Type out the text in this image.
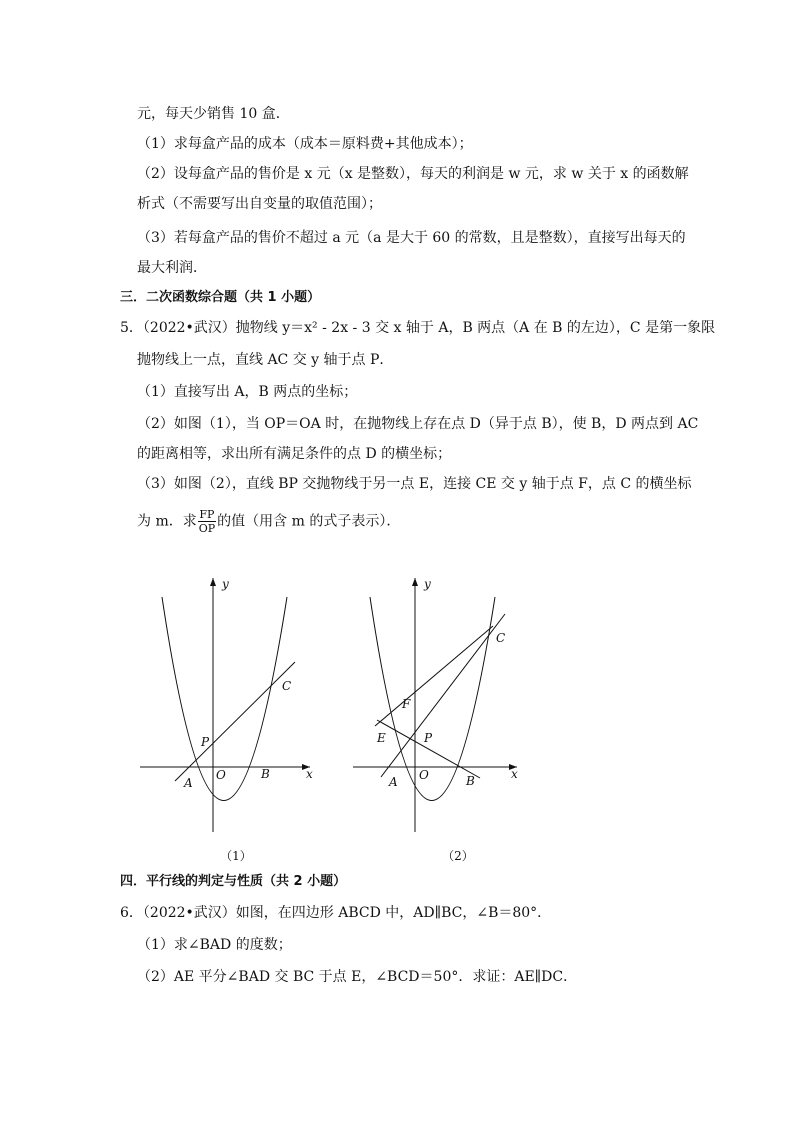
元，每天少销售 10 盒．
（1）求每盒产品的成本（成本＝原料费+其他成本）；
（2）设每盒产品的售价是 x 元（x 是整数），每天的利润是 w 元，求 w 关于 x 的函数解
析式（不需要写出自变量的取值范围）；
（3）若每盒产品的售价不超过 a 元（a 是大于 60 的常数，且是整数），直接写出每天的
最大利润．
三．二次函数综合题（共 1 小题）
5．（2022•武汉）抛物线 y＝x² - 2x - 3 交 x 轴于 A，B 两点（A 在 B 的左边），C 是第一象限
抛物线上一点，直线 AC 交 y 轴于点 P．
（1）直接写出 A，B 两点的坐标；
（2）如图（1），当 OP＝OA 时，在抛物线上存在点 D（异于点 B），使 B，D 两点到 AC
的距离相等，求出所有满足条件的点 D 的横坐标；
（3）如图（2），直线 BP 交抛物线于另一点 E，连接 CE 交 y 轴于点 F，点 C 的横坐标
为 m．求 $\frac{FP}{OP}$ 的值（用含 m 的式子表示）．
y
x
C
P
A
O	B
（1）
y
x
C
F
E	P
A O	B
（2）
四．平行线的判定与性质（共 2 小题）
6．（2022•武汉）如图，在四边形 ABCD 中，AD∥BC，∠B＝80°．
（1）求∠BAD 的度数；
（2）AE 平分∠BAD 交 BC 于点 E，∠BCD＝50°．求证：AE∥DC．
